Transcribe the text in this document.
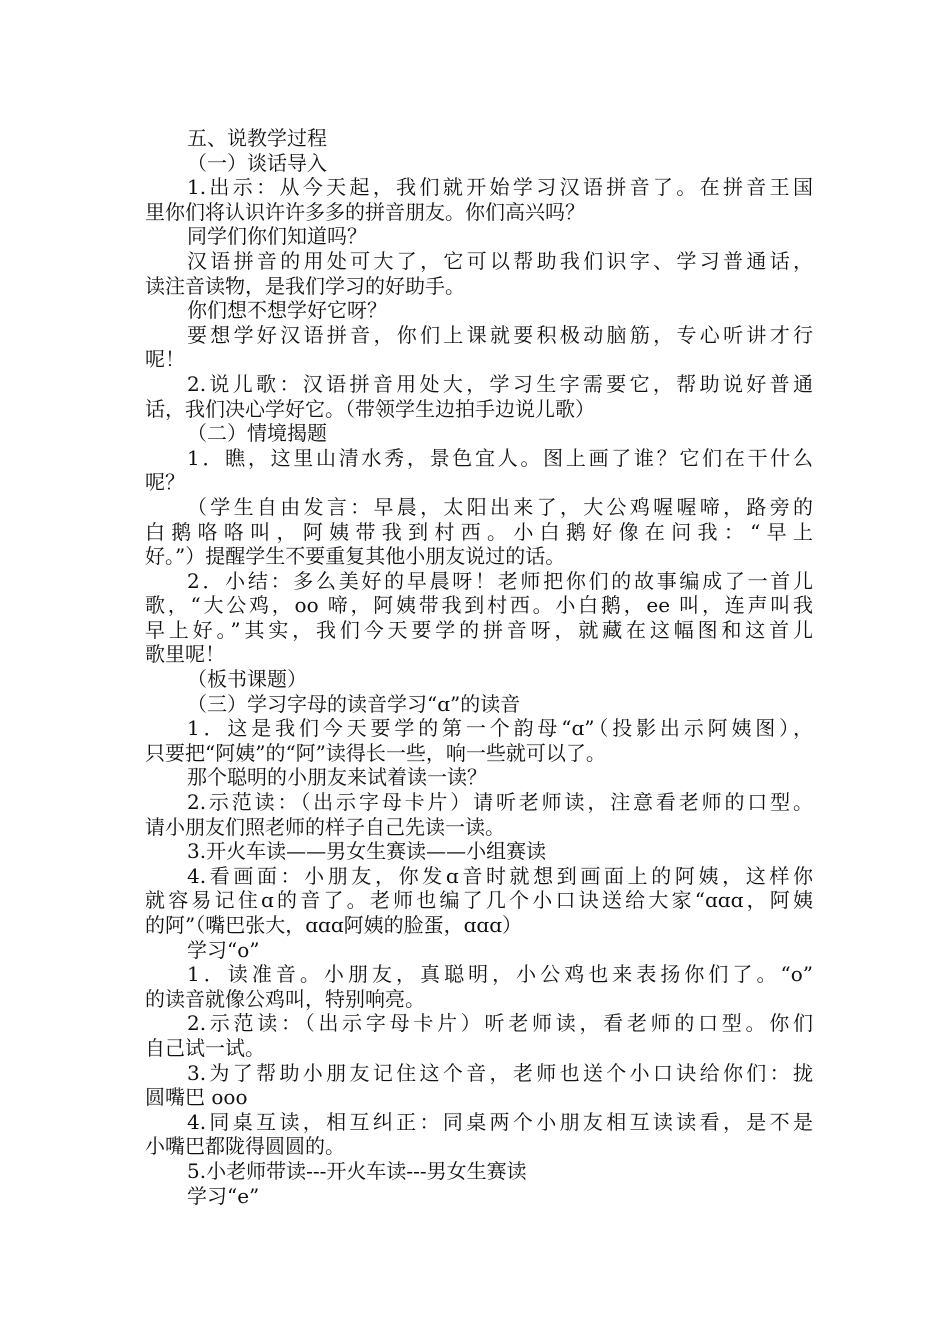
五、说教学过程
（一）谈话导入
1.出示：从今天起，我们就开始学习汉语拼音了。在拼音王国
里你们将认识许许多多的拼音朋友。你们高兴吗？
同学们你们知道吗？
汉语拼音的用处可大了，它可以帮助我们识字、学习普通话，
读注音读物，是我们学习的好助手。
你们想不想学好它呀？
要想学好汉语拼音，你们上课就要积极动脑筋，专心听讲才行
呢！
2.说儿歌：汉语拼音用处大，学习生字需要它，帮助说好普通
话，我们决心学好它。（带领学生边拍手边说儿歌）
（二）情境揭题
1．瞧，这里山清水秀，景色宜人。图上画了谁？它们在干什么
呢？
（学生自由发言：早晨，太阳出来了，大公鸡喔喔啼，路旁的
白鹅咯咯叫，阿姨带我到村西。小白鹅好像在问我：“早上
好。”）提醒学生不要重复其他小朋友说过的话。
2．小结：多么美好的早晨呀！老师把你们的故事编成了一首儿
歌，“大公鸡，oo 啼，阿姨带我到村西。小白鹅，ee 叫，连声叫我
早上好。”其实，我们今天要学的拼音呀，就藏在这幅图和这首儿
歌里呢！
（板书课题）
（三）学习字母的读音学习“ɑ”的读音
1．这是我们今天要学的第一个韵母“ɑ”（投影出示阿姨图），
只要把“阿姨”的“阿”读得长一些，响一些就可以了。
那个聪明的小朋友来试着读一读？
2.示范读：（出示字母卡片）请听老师读，注意看老师的口型。
请小朋友们照老师的样子自己先读一读。
3.开火车读——男女生赛读——小组赛读
4.看画面：小朋友，你发ɑ音时就想到画面上的阿姨，这样你
就容易记住ɑ的音了。老师也编了几个小口诀送给大家“ɑɑɑ，阿姨
的阿”（嘴巴张大，ɑɑɑ阿姨的脸蛋，ɑɑɑ）
学习“o”
1．读准音。小朋友，真聪明，小公鸡也来表扬你们了。“o”
的读音就像公鸡叫，特别响亮。
2.示范读：（出示字母卡片）听老师读，看老师的口型。你们
自己试一试。
3.为了帮助小朋友记住这个音，老师也送个小口诀给你们：拢
圆嘴巴 ooo
4.同桌互读，相互纠正：同桌两个小朋友相互读读看，是不是
小嘴巴都陇得圆圆的。
5.小老师带读---开火车读---男女生赛读
学习“e”
